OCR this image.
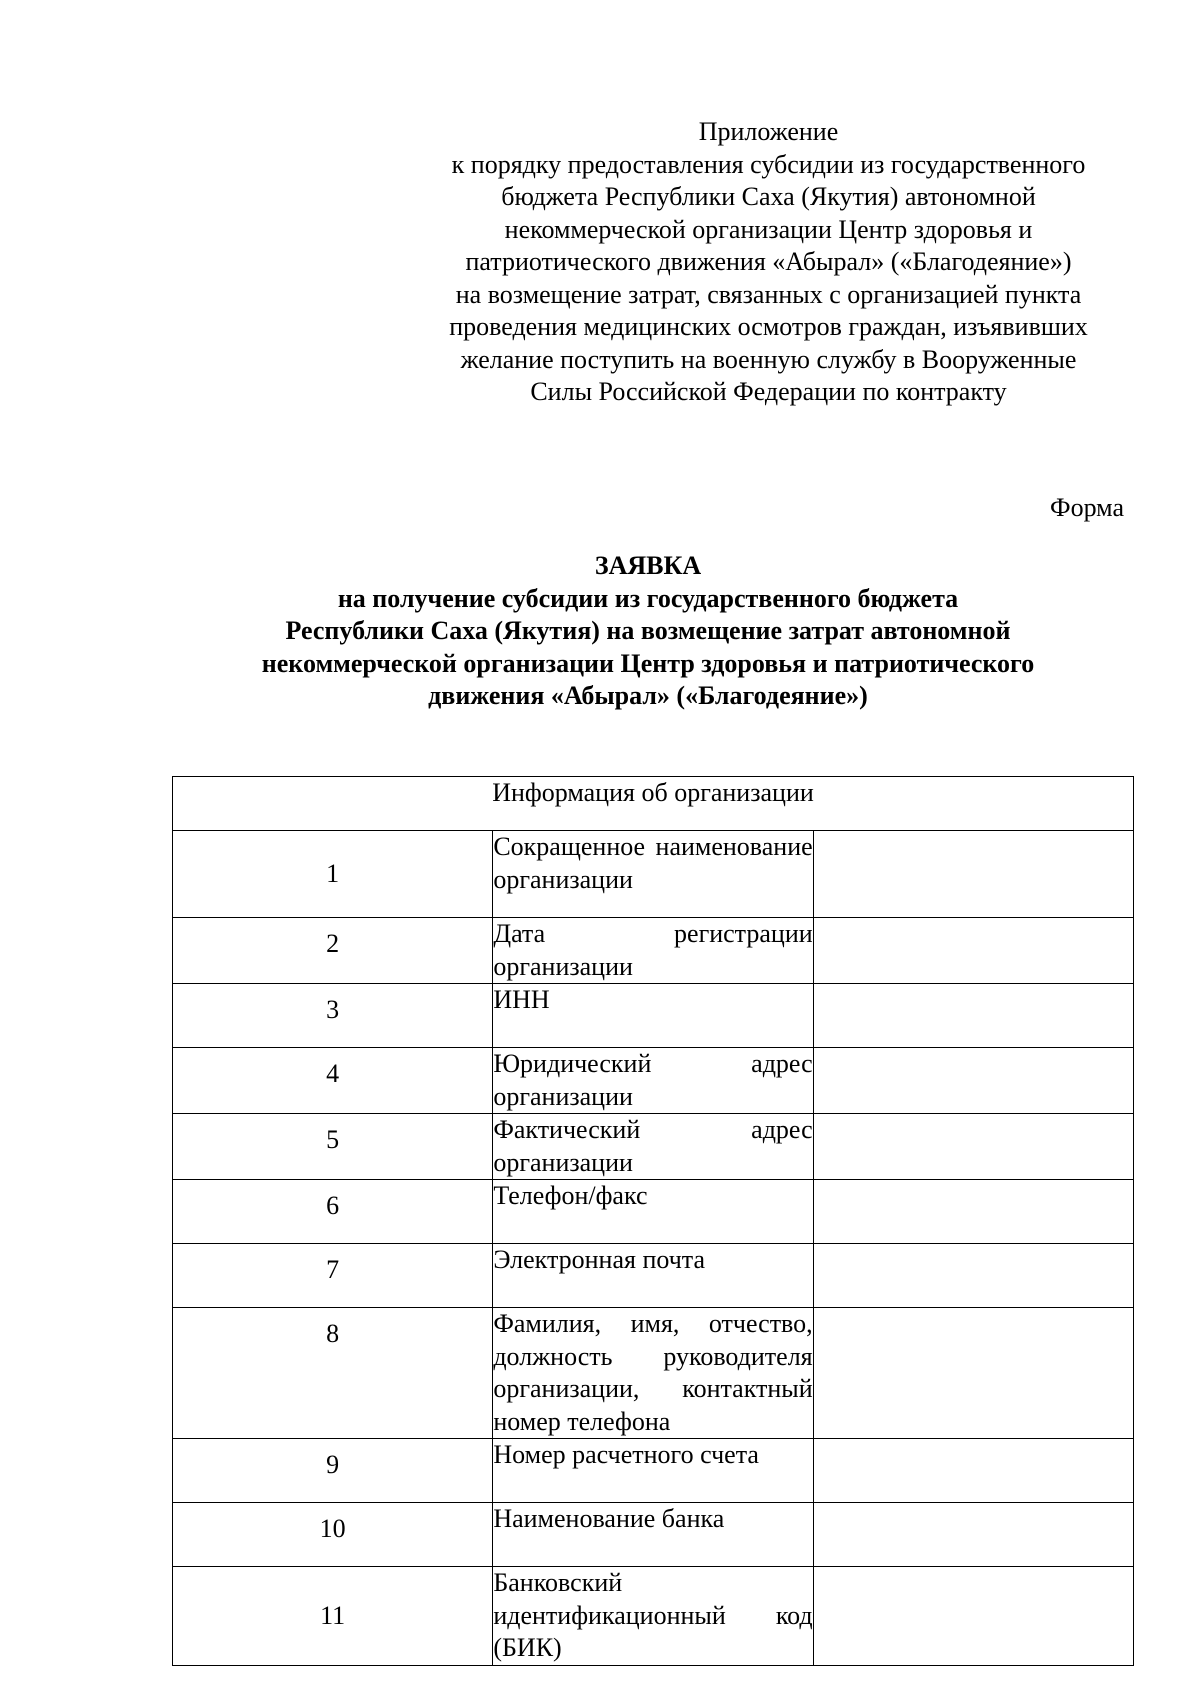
Приложение
к порядку предоставления субсидии из государственного
бюджета Республики Саха (Якутия) автономной
некоммерческой организации Центр здоровья и
патриотического движения «Абырал» («Благодеяние»)
на возмещение затрат, связанных с организацией пункта
проведения медицинских осмотров граждан, изъявивших
желание поступить на военную службу в Вооруженные
Силы Российской Федерации по контракту
Форма
ЗАЯВКА
на получение субсидии из государственного бюджета
Республики Саха (Якутия) на возмещение затрат автономной
некоммерческой организации Центр здоровья и патриотического
движения «Абырал» («Благодеяние»)
Информация об организации		
1	Сокращенное наименование организации	
2	Дата регистрации организации	
3	ИНН	
4	Юридический адрес организации	
5	Фактический адрес организации	
6	Телефон/факс	
7	Электронная почта	
8	Фамилия, имя, отчество, должность руководителя организации, контактный номер телефона	
9	Номер расчетного счета	
10	Наименование банка	
11	Банковский идентификационный код (БИК)	
